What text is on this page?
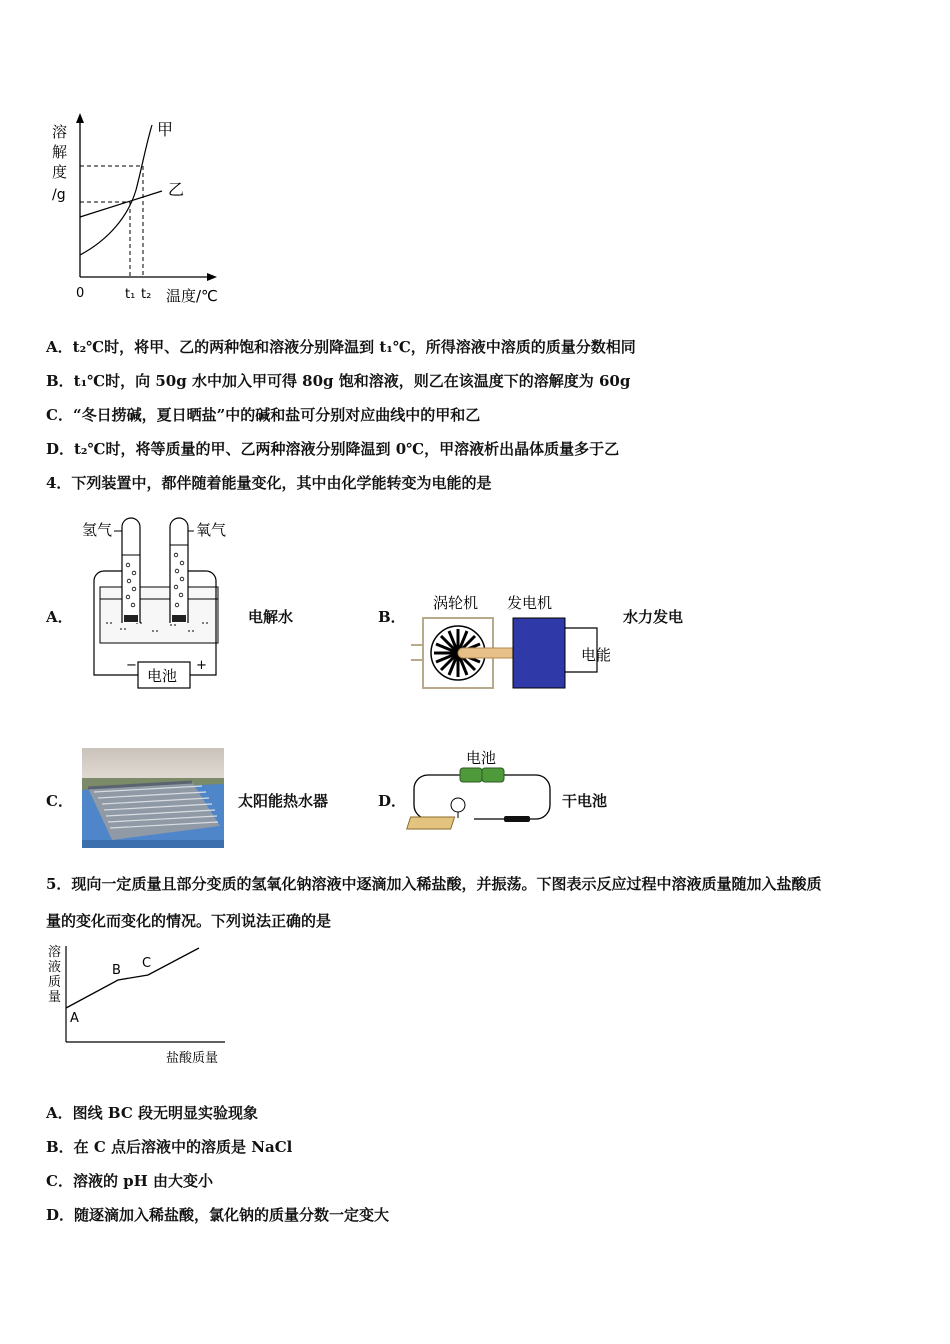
溶
解
度
/g
甲
乙
0	t₁ t₂ 温度/℃
A．t₂℃时，将甲、乙的两种饱和溶液分别降温到 t₁℃，所得溶液中溶质的质量分数相同
B．t₁℃时，向 50g 水中加入甲可得 80g 饱和溶液，则乙在该温度下的溶解度为 60g
C．“冬日捞碱，夏日晒盐”中的碱和盐可分别对应曲线中的甲和乙
D．t₂℃时，将等质量的甲、乙两种溶液分别降温到 0℃，甲溶液析出晶体质量多于乙
4．下列装置中，都伴随着能量变化，其中由化学能转变为电能的是
A．
氢气	氧气
电池
−	+
电解水	B．
涡轮机 发电机
电能
水力发电
C．	太阳能热水器	D．
电池
干电池
5．现向一定质量且部分变质的氢氧化钠溶液中逐滴加入稀盐酸，并振荡。下图表示反应过程中溶液质量随加入盐酸质
量的变化而变化的情况。下列说法正确的是
溶
液
质
量
A
B C
盐酸质量
A．图线 BC 段无明显实验现象
B．在 C 点后溶液中的溶质是 NaCl
C．溶液的 pH 由大变小
D．随逐滴加入稀盐酸，氯化钠的质量分数一定变大
